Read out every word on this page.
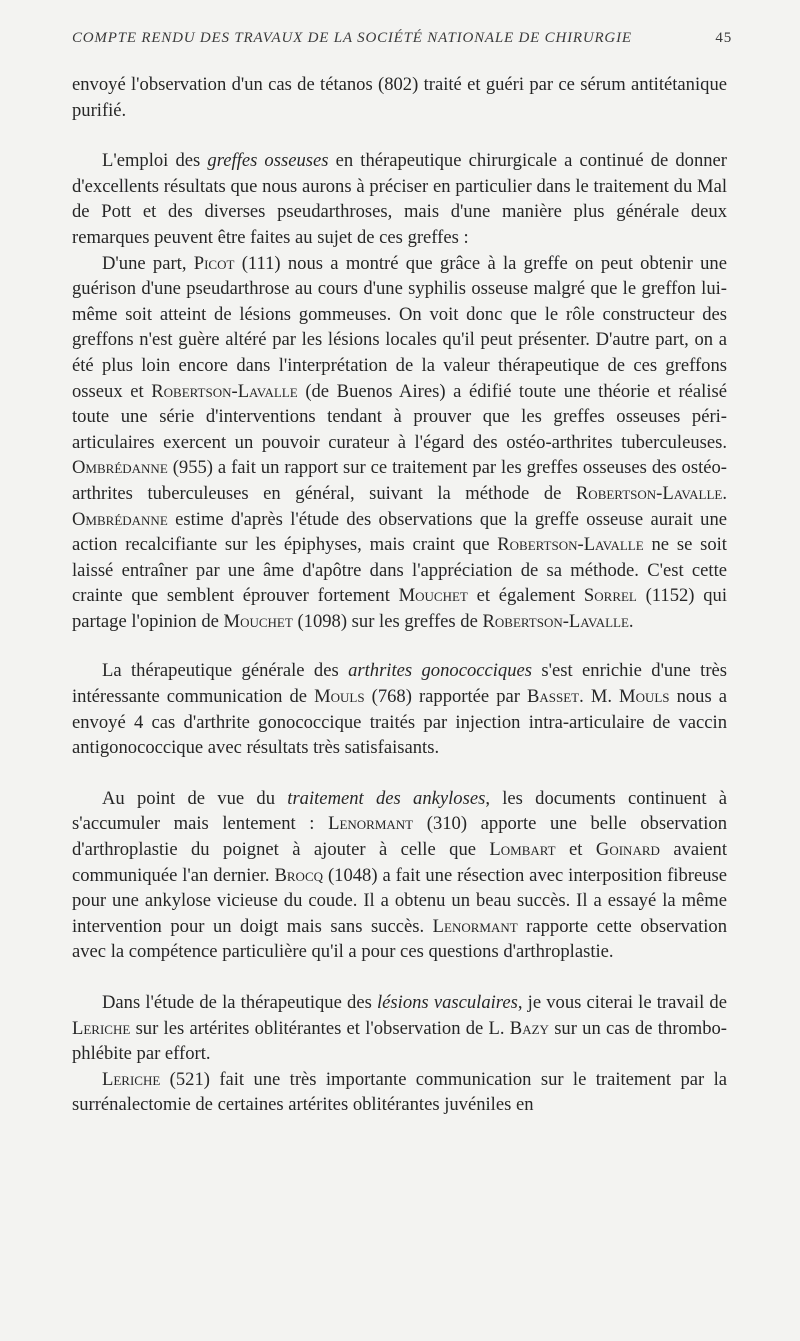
COMPTE RENDU DES TRAVAUX DE LA SOCIÉTÉ NATIONALE DE CHIRURGIE	45

envoyé l'observation d'un cas de tétanos (802) traité et guéri par ce sérum antitétanique purifié.

L'emploi des greffes osseuses en thérapeutique chirurgicale a continué de donner d'excellents résultats que nous aurons à préciser en particulier dans le traitement du Mal de Pott et des diverses pseudarthroses, mais d'une manière plus générale deux remarques peuvent être faites au sujet de ces greffes :

D'une part, Picot (111) nous a montré que grâce à la greffe on peut obtenir une guérison d'une pseudarthrose au cours d'une syphilis osseuse malgré que le greffon lui-même soit atteint de lésions gommeuses. On voit donc que le rôle constructeur des greffons n'est guère altéré par les lésions locales qu'il peut présenter. D'autre part, on a été plus loin encore dans l'interprétation de la valeur thérapeutique de ces greffons osseux et Robertson-Lavalle (de Buenos Aires) a édifié toute une théorie et réalisé toute une série d'interventions tendant à prouver que les greffes osseuses péri-articulaires exercent un pouvoir curateur à l'égard des ostéo-arthrites tuberculeuses. Ombrédanne (955) a fait un rapport sur ce traitement par les greffes osseuses des ostéo-arthrites tuberculeuses en général, suivant la méthode de Robertson-Lavalle. Ombrédanne estime d'après l'étude des observations que la greffe osseuse aurait une action recalcifiante sur les épiphyses, mais craint que Robertson-Lavalle ne se soit laissé entraîner par une âme d'apôtre dans l'appréciation de sa méthode. C'est cette crainte que semblent éprouver fortement Mouchet et également Sorrel (1152) qui partage l'opinion de Mouchet (1098) sur les greffes de Robertson-Lavalle.

La thérapeutique générale des arthrites gonococciques s'est enrichie d'une très intéressante communication de Mouls (768) rapportée par Basset. M. Mouls nous a envoyé 4 cas d'arthrite gonococcique traités par injection intra-articulaire de vaccin antigonococcique avec résultats très satisfaisants.

Au point de vue du traitement des ankyloses, les documents continuent à s'accumuler mais lentement : Lenormant (310) apporte une belle observation d'arthroplastie du poignet à ajouter à celle que Lombart et Goinard avaient communiquée l'an dernier. Brocq (1048) a fait une résection avec interposition fibreuse pour une ankylose vicieuse du coude. Il a obtenu un beau succès. Il a essayé la même intervention pour un doigt mais sans succès. Lenormant rapporte cette observation avec la compétence particulière qu'il a pour ces questions d'arthroplastie.

Dans l'étude de la thérapeutique des lésions vasculaires, je vous citerai le travail de Leriche sur les artérites oblitérantes et l'observation de L. Bazy sur un cas de thrombo-phlébite par effort.

Leriche (521) fait une très importante communication sur le traitement par la surrénalectomie de certaines artérites oblitérantes juvéniles en
